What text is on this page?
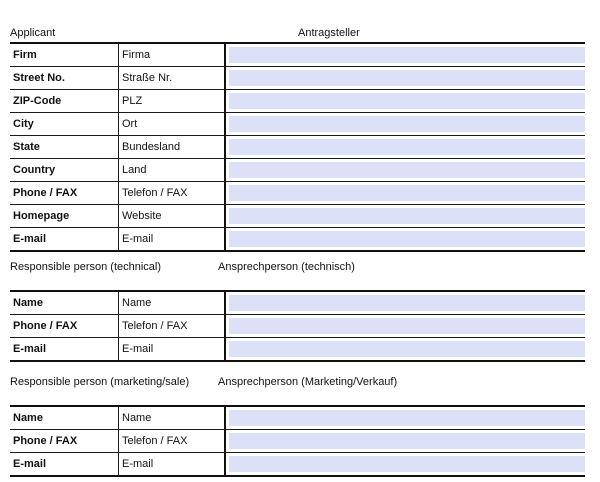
Applicant	Antragsteller
Firm	Firma	

Street No.	Straße Nr.	

ZIP-Code	PLZ	

City	Ort	

State	Bundesland	

Country	Land	

Phone / FAX	Telefon / FAX	

Homepage	Website	

E-mail	E-mail	
Responsible person (technical)	Ansprechperson (technisch)
Name	Name	

Phone / FAX	Telefon / FAX	

E-mail	E-mail	
Responsible person (marketing/sale)	Ansprechperson (Marketing/Verkauf)
Name	Name	

Phone / FAX	Telefon / FAX	

E-mail	E-mail	
